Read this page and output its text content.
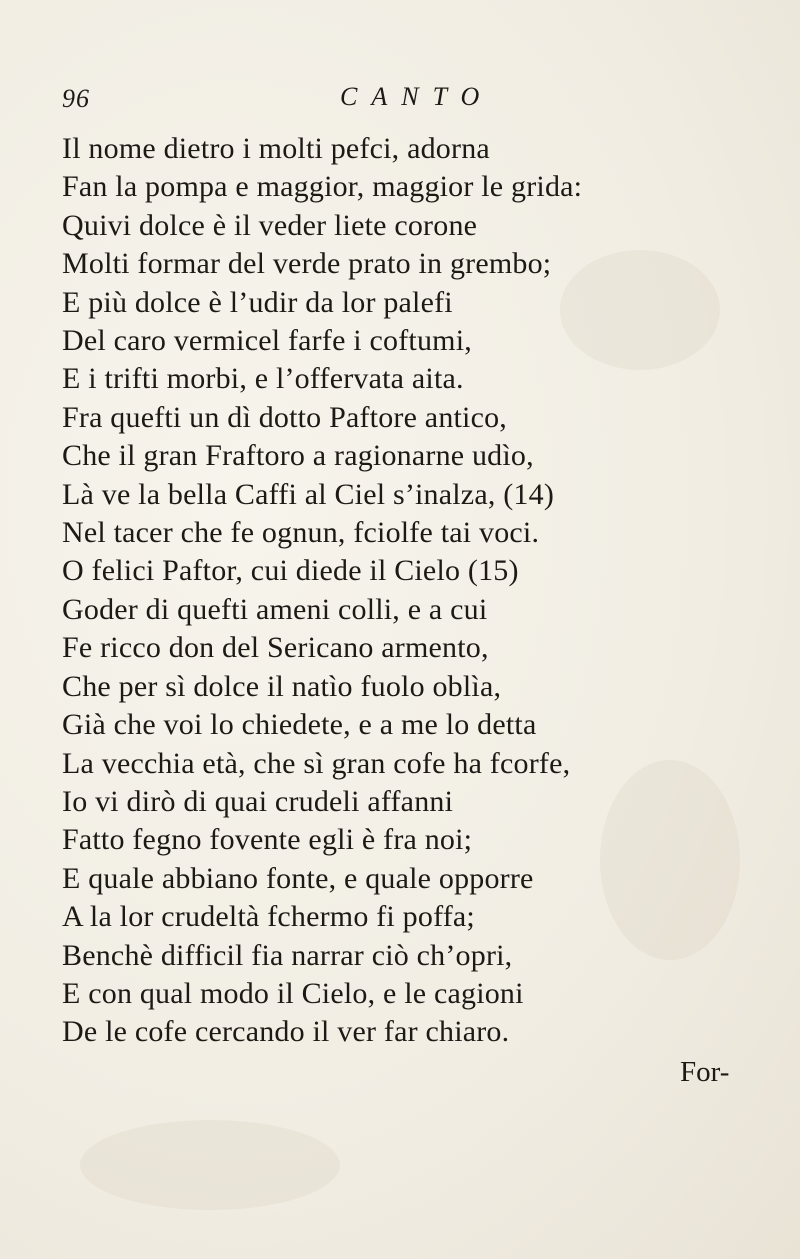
96	CANTO
Il nome dietro i molti pefci, adorna
Fan la pompa e maggior, maggior le grida:
Quivi dolce è il veder liete corone
Molti formar del verde prato in grembo;
E più dolce è l’udir da lor palefi
Del caro vermicel farfe i coftumi,
E i trifti morbi, e l’offervata aita.
Fra quefti un dì dotto Paftore antico,
Che il gran Fraftoro a ragionarne udìo,
Là ve la bella Caffi al Ciel s’inalza, (14)
Nel tacer che fe ognun, fciolfe tai voci.
O felici Paftor, cui diede il Cielo (15)
Goder di quefti ameni colli, e a cui
Fe ricco don del Sericano armento,
Che per sì dolce il natìo fuolo oblìa,
Già che voi lo chiedete, e a me lo detta
La vecchia età, che sì gran cofe ha fcorfe,
Io vi dirò di quai crudeli affanni
Fatto fegno fovente egli è fra noi;
E quale abbiano fonte, e quale opporre
A la lor crudeltà fchermo fi poffa;
Benchè difficil fia narrar ciò ch’opri,
E con qual modo il Cielo, e le cagioni
De le cofe cercando il ver far chiaro.
For-
